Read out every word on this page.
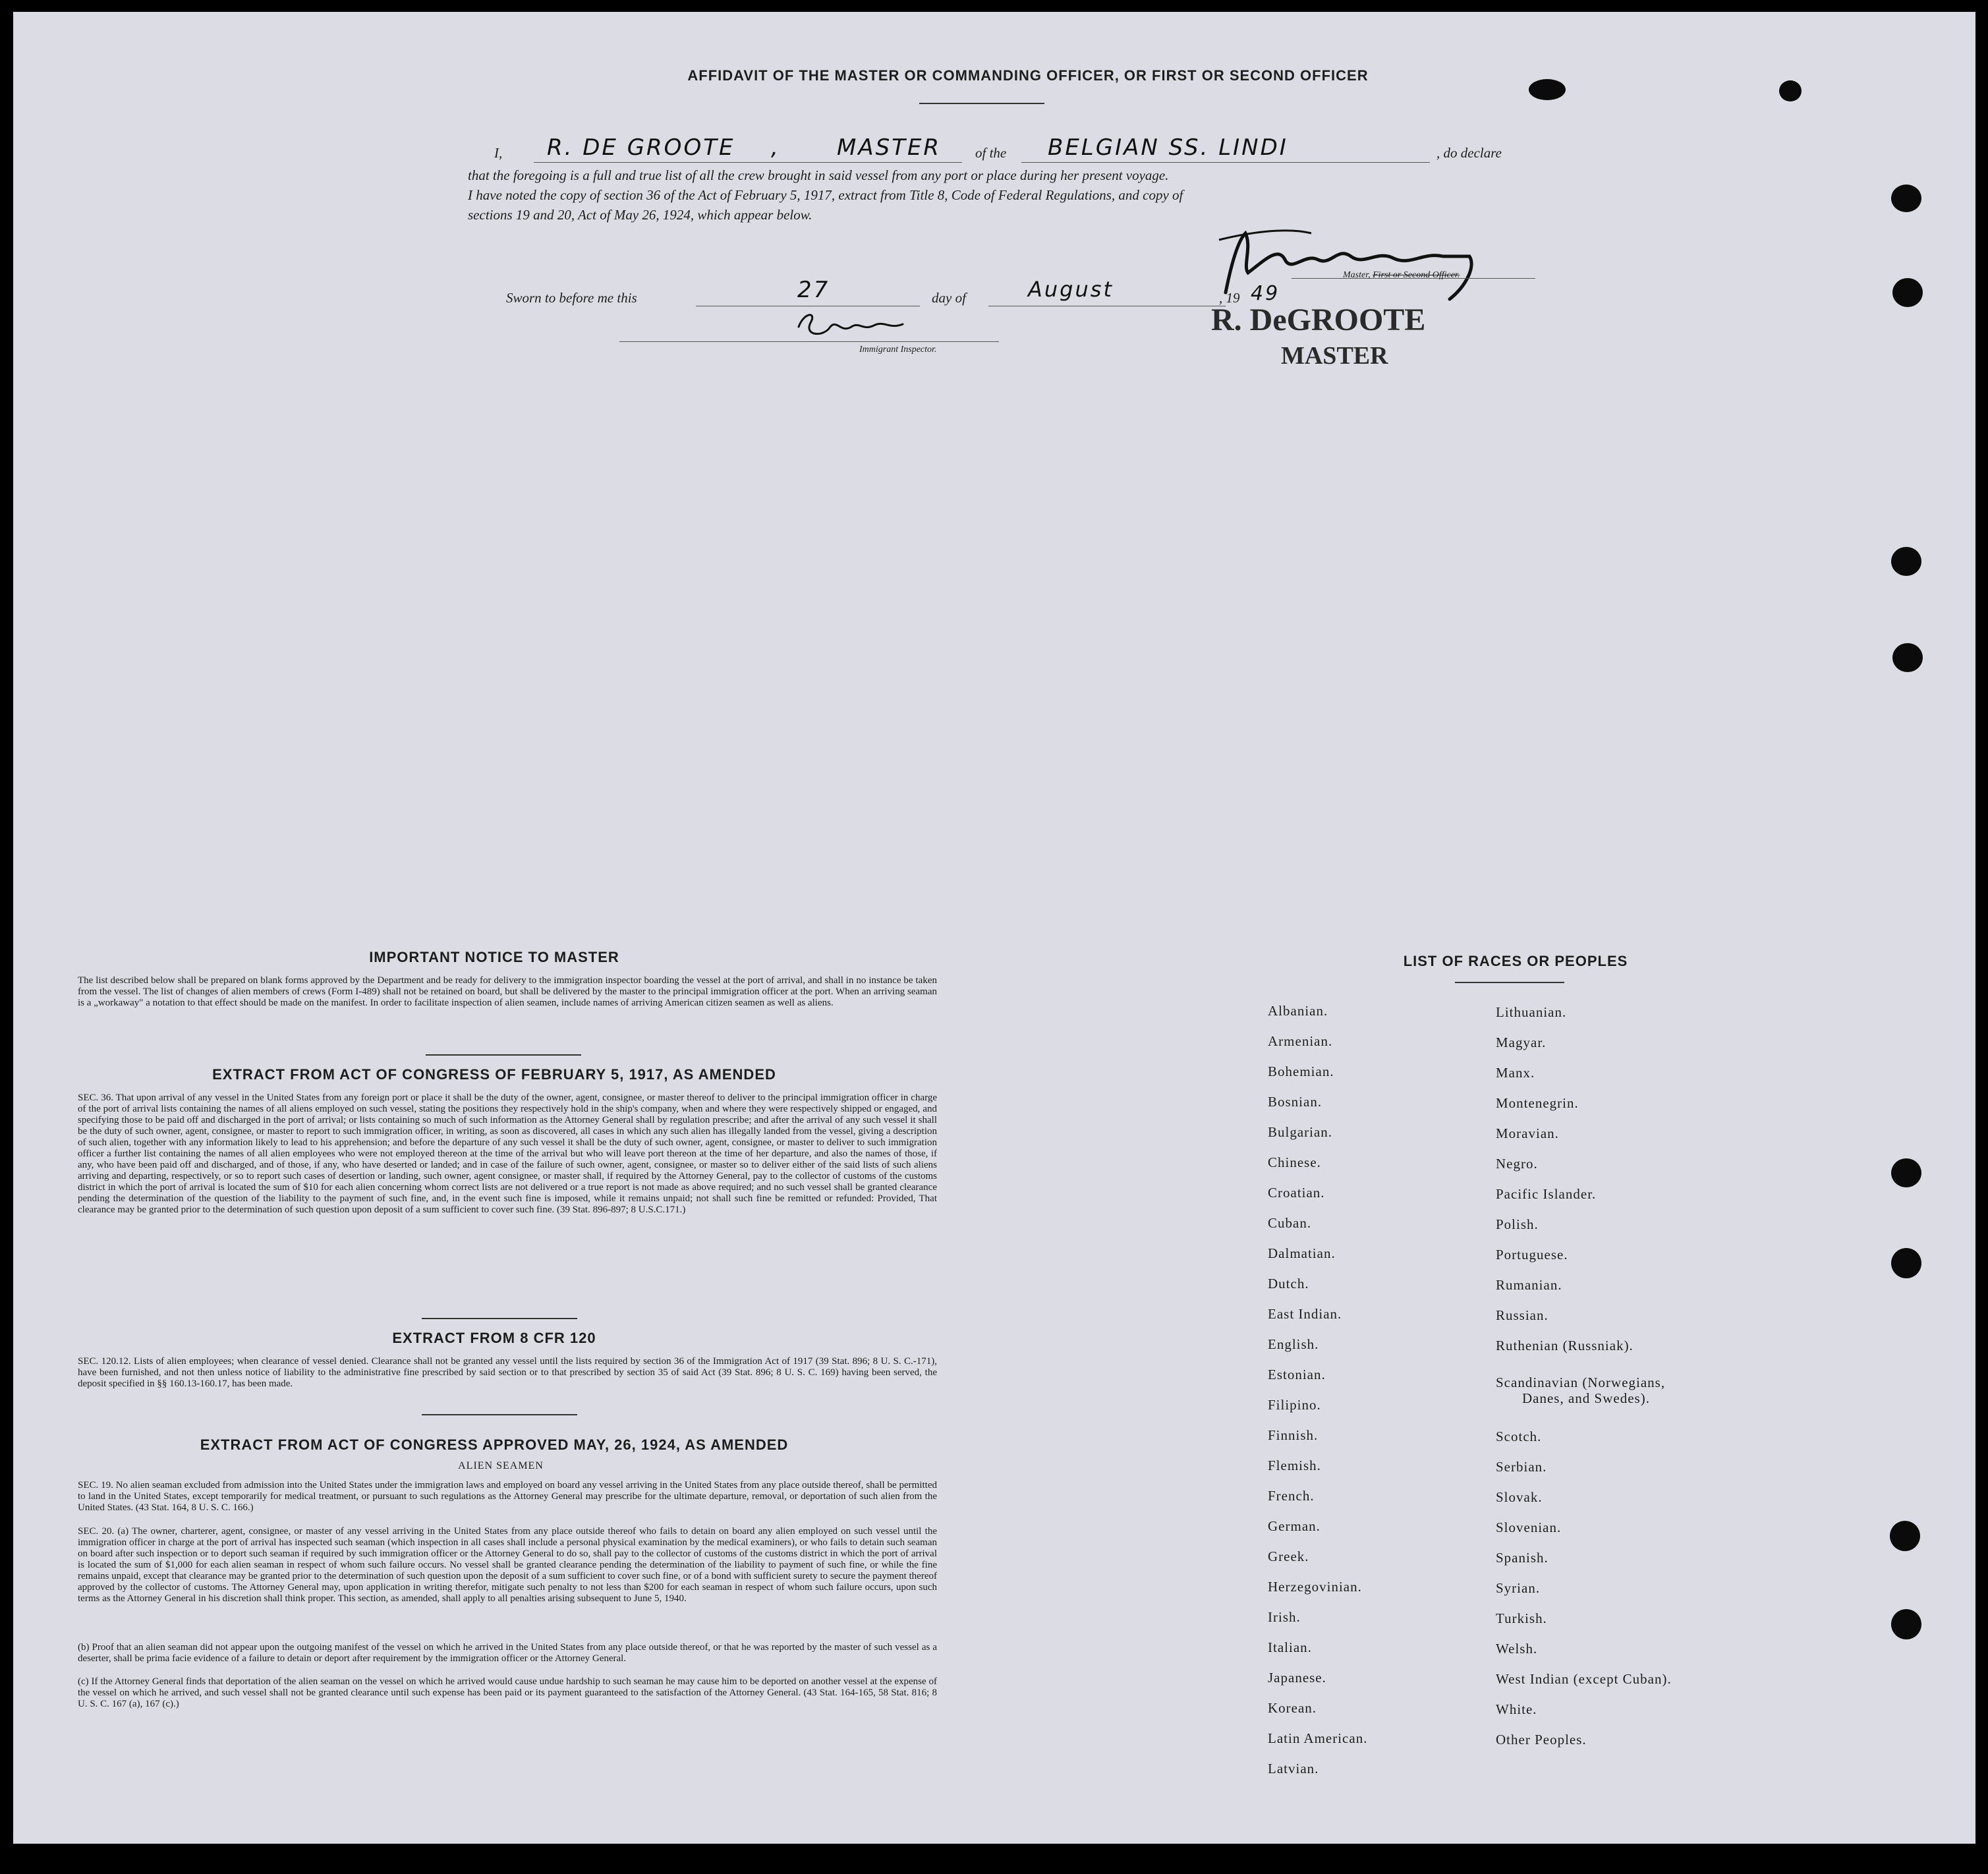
AFFIDAVIT OF THE MASTER OR COMMANDING OFFICER, OR FIRST OR SECOND OFFICER
I, R. DE GROOTE ,	MASTER of the BELGIAN SS. LINDI	, do declare
that the foregoing is a full and true list of all the crew brought in said vessel from any port or place during her present voyage.
I have noted the copy of section 36 of the Act of February 5, 1917, extract from Title 8, Code of Federal Regulations, and copy of
sections 19 and 20, Act of May 26, 1924, which appear below.
Sworn to before me this	27	day of	August	, 19 49
Master, First or Second Officer.
Immigrant Inspector.
R. DeGROOTE
MASTER
IMPORTANT NOTICE TO MASTER
The list described below shall be prepared on blank forms approved by the Department and be ready for delivery to the immigration inspector boarding the vessel at the port of arrival, and shall in no instance be taken from the vessel. The list of changes of alien members of crews (Form I-489) shall not be retained on board, but shall be delivered by the master to the principal immigration officer at the port. When an arriving seaman is a „workaway" a notation to that effect should be made on the manifest. In order to facilitate inspection of alien seamen, include names of arriving American citizen seamen as well as aliens.
EXTRACT FROM ACT OF CONGRESS OF FEBRUARY 5, 1917, AS AMENDED
SEC. 36. That upon arrival of any vessel in the United States from any foreign port or place it shall be the duty of the owner, agent, consignee, or master thereof to deliver to the principal immigration officer in charge of the port of arrival lists containing the names of all aliens employed on such vessel, stating the positions they respectively hold in the ship's company, when and where they were respectively shipped or engaged, and specifying those to be paid off and discharged in the port of arrival; or lists containing so much of such information as the Attorney General shall by regulation prescribe; and after the arrival of any such vessel it shall be the duty of such owner, agent, consignee, or master to report to such immigration officer, in writing, as soon as discovered, all cases in which any such alien has illegally landed from the vessel, giving a description of such alien, together with any information likely to lead to his apprehension; and before the departure of any such vessel it shall be the duty of such owner, agent, consignee, or master to deliver to such immigration officer a further list containing the names of all alien employees who were not employed thereon at the time of the arrival but who will leave port thereon at the time of her departure, and also the names of those, if any, who have been paid off and discharged, and of those, if any, who have deserted or landed; and in case of the failure of such owner, agent, consignee, or master so to deliver either of the said lists of such aliens arriving and departing, respectively, or so to report such cases of desertion or landing, such owner, agent consignee, or master shall, if required by the Attorney General, pay to the collector of customs of the customs district in which the port of arrival is located the sum of $10 for each alien concerning whom correct lists are not delivered or a true report is not made as above required; and no such vessel shall be granted clearance pending the determination of the question of the liability to the payment of such fine, and, in the event such fine is imposed, while it remains unpaid; not shall such fine be remitted or refunded: Provided, That clearance may be granted prior to the determination of such question upon deposit of a sum sufficient to cover such fine. (39 Stat. 896-897; 8 U.S.C.171.)
EXTRACT FROM 8 CFR 120
SEC. 120.12. Lists of alien employees; when clearance of vessel denied. Clearance shall not be granted any vessel until the lists required by section 36 of the Immigration Act of 1917 (39 Stat. 896; 8 U. S. C.-171), have been furnished, and not then unless notice of liability to the administrative fine prescribed by said section or to that prescribed by section 35 of said Act (39 Stat. 896; 8 U. S. C. 169) having been served, the deposit specified in §§ 160.13-160.17, has been made.
EXTRACT FROM ACT OF CONGRESS APPROVED MAY, 26, 1924, AS AMENDED
ALIEN SEAMEN
SEC. 19. No alien seaman excluded from admission into the United States under the immigration laws and employed on board any vessel arriving in the United States from any place outside thereof, shall be permitted to land in the United States, except temporarily for medical treatment, or pursuant to such regulations as the Attorney General may prescribe for the ultimate departure, removal, or deportation of such alien from the United States. (43 Stat. 164, 8 U. S. C. 166.)
SEC. 20. (a) The owner, charterer, agent, consignee, or master of any vessel arriving in the United States from any place outside thereof who fails to detain on board any alien employed on such vessel until the immigration officer in charge at the port of arrival has inspected such seaman (which inspection in all cases shall include a personal physical examination by the medical examiners), or who fails to detain such seaman on board after such inspection or to deport such seaman if required by such immigration officer or the Attorney General to do so, shall pay to the collector of customs of the customs district in which the port of arrival is located the sum of $1,000 for each alien seaman in respect of whom such failure occurs. No vessel shall be granted clearance pending the determination of the liability to payment of such fine, or while the fine remains unpaid, except that clearance may be granted prior to the determination of such question upon the deposit of a sum sufficient to cover such fine, or of a bond with sufficient surety to secure the payment thereof approved by the collector of customs. The Attorney General may, upon application in writing therefor, mitigate such penalty to not less than $200 for each seaman in respect of whom such failure occurs, upon such terms as the Attorney General in his discretion shall think proper. This section, as amended, shall apply to all penalties arising subsequent to June 5, 1940.
(b) Proof that an alien seaman did not appear upon the outgoing manifest of the vessel on which he arrived in the United States from any place outside thereof, or that he was reported by the master of such vessel as a deserter, shall be prima facie evidence of a failure to detain or deport after requirement by the immigration officer or the Attorney General.
(c) If the Attorney General finds that deportation of the alien seaman on the vessel on which he arrived would cause undue hardship to such seaman he may cause him to be deported on another vessel at the expense of the vessel on which he arrived, and such vessel shall not be granted clearance until such expense has been paid or its payment guaranteed to the satisfaction of the Attorney General. (43 Stat. 164-165, 58 Stat. 816; 8 U. S. C. 167 (a), 167 (c).)
LIST OF RACES OR PEOPLES
Albanian.
Armenian.
Bohemian.
Bosnian.
Bulgarian.
Chinese.
Croatian.
Cuban.
Dalmatian.
Dutch.
East Indian.
English.
Estonian.
Filipino.
Finnish.
Flemish.
French.
German.
Greek.
Herzegovinian.
Irish.
Italian.
Japanese.
Korean.
Latin American.
Latvian.
Lithuanian.
Magyar.
Manx.
Montenegrin.
Moravian.
Negro.
Pacific Islander.
Polish.
Portuguese.
Rumanian.
Russian.
Ruthenian (Russniak).
Scandinavian (Norwegians,
Danes, and Swedes).
Scotch.
Serbian.
Slovak.
Slovenian.
Spanish.
Syrian.
Turkish.
Welsh.
West Indian (except Cuban).
White.
Other Peoples.
